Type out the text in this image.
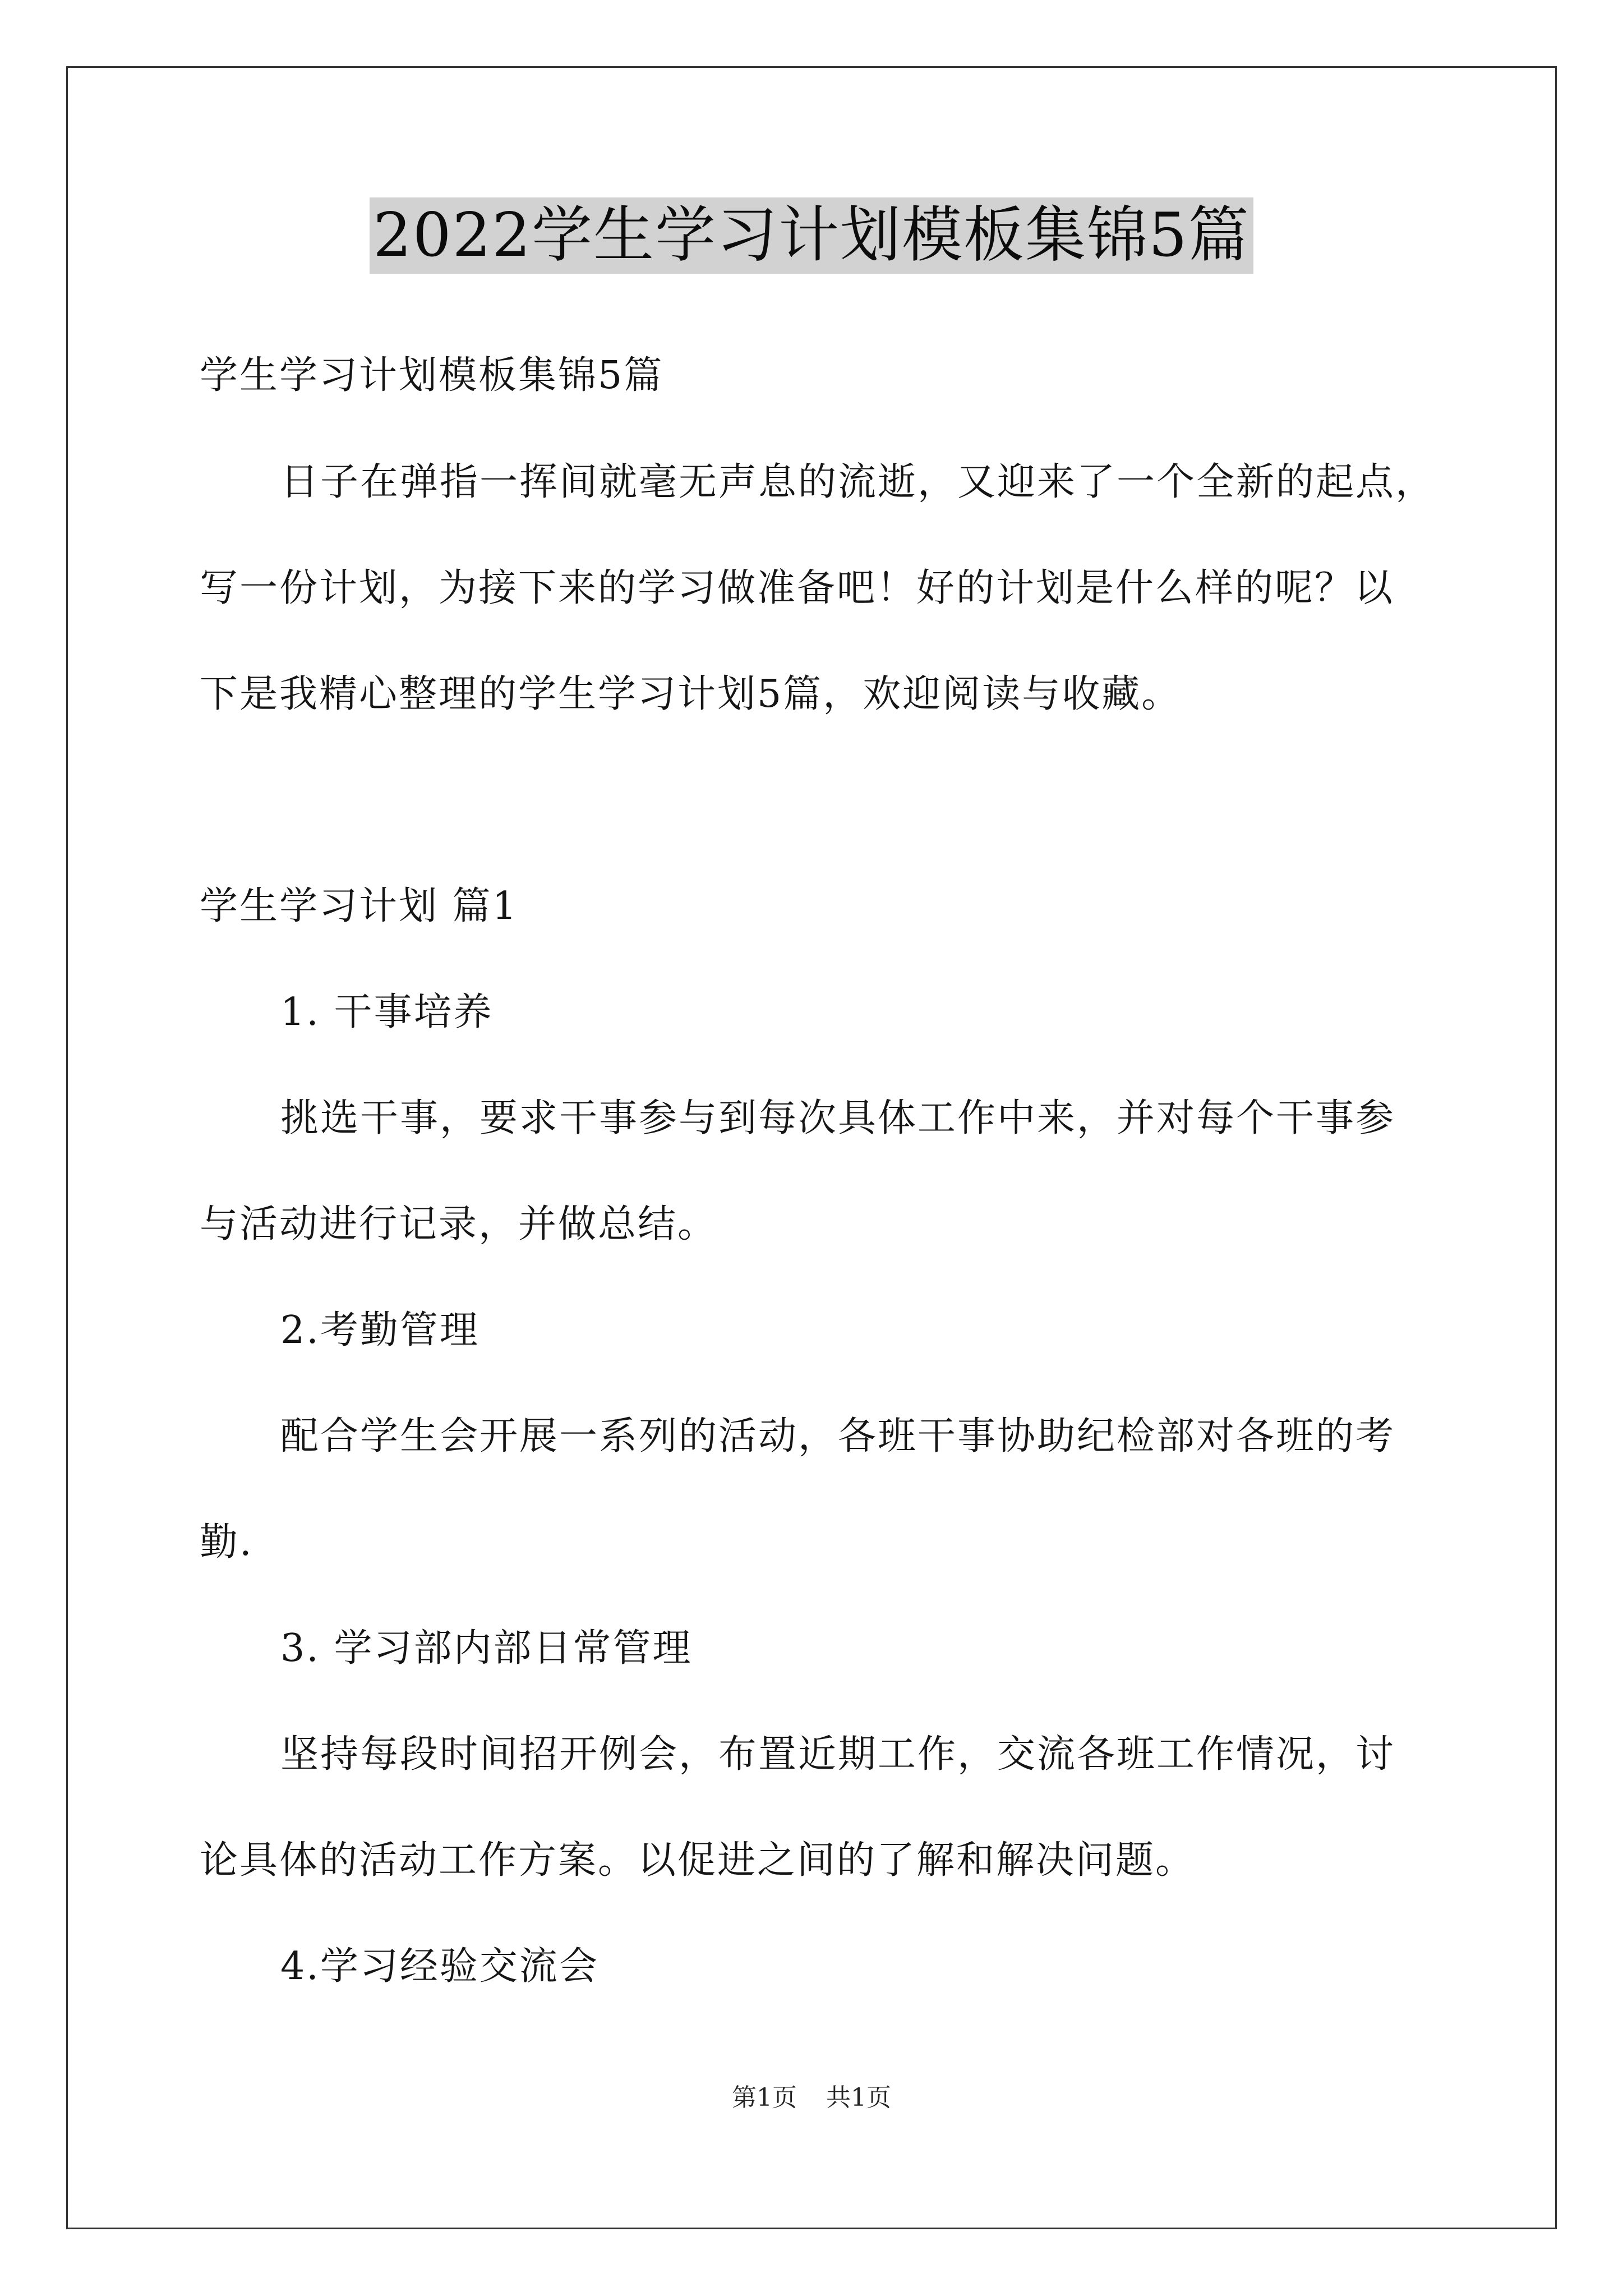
2022学生学习计划模板集锦5篇
学生学习计划模板集锦5篇
日子在弹指一挥间就毫无声息的流逝，又迎来了一个全新的起点，
写一份计划，为接下来的学习做准备吧！好的计划是什么样的呢？以
下是我精心整理的学生学习计划5篇，欢迎阅读与收藏。
学生学习计划 篇1
1. 干事培养
挑选干事，要求干事参与到每次具体工作中来，并对每个干事参
与活动进行记录，并做总结。
2.考勤管理
配合学生会开展一系列的活动，各班干事协助纪检部对各班的考
勤.
3. 学习部内部日常管理
坚持每段时间招开例会，布置近期工作，交流各班工作情况，讨
论具体的活动工作方案。以促进之间的了解和解决问题。
4.学习经验交流会
第1页 共1页
